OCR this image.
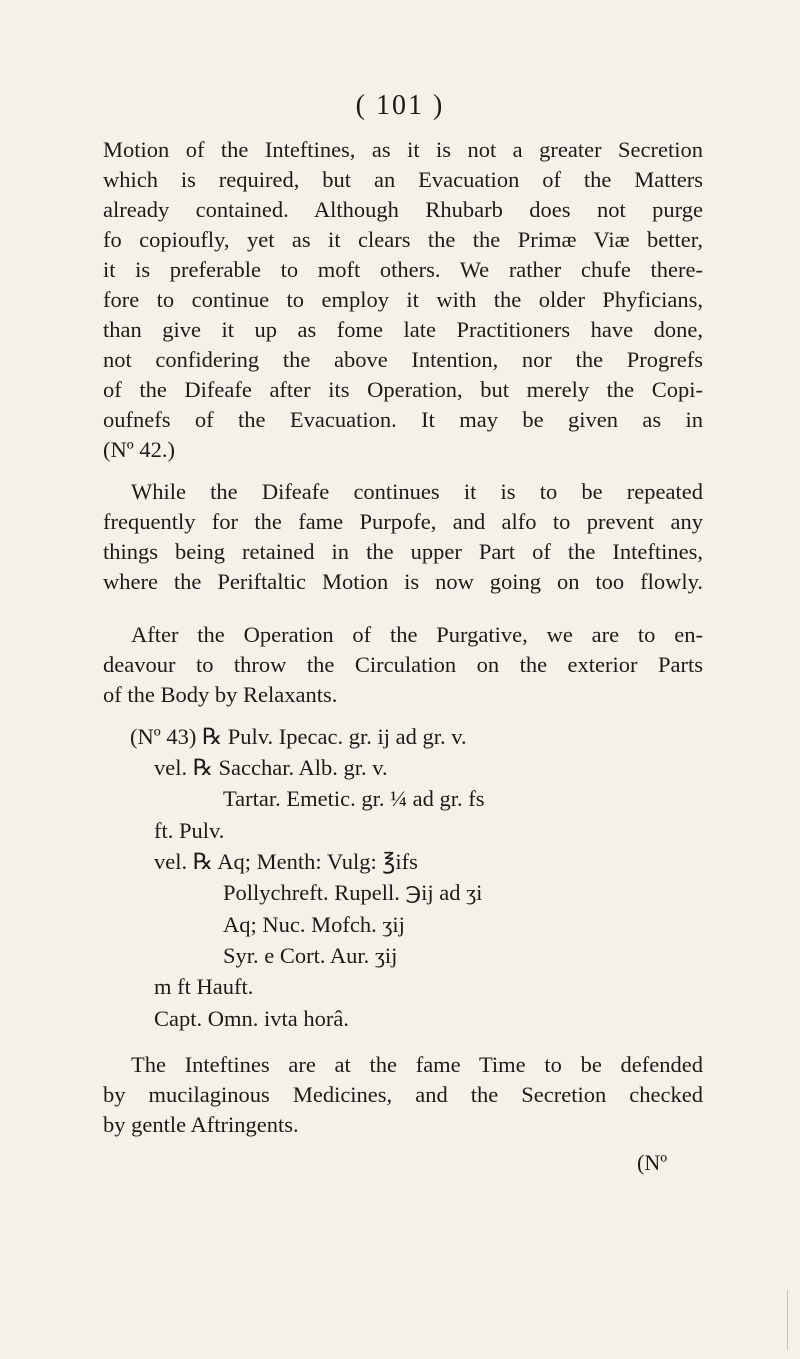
( 101 )
Motion of the Inteftines, as it is not a greater Secretion
which is required, but an Evacuation of the Matters
already contained. Although Rhubarb does not purge
fo copioufly, yet as it clears the the Primæ Viæ better,
it is preferable to moft others. We rather chufe there-
fore to continue to employ it with the older Phyficians,
than give it up as fome late Practitioners have done,
not confidering the above Intention, nor the Progrefs
of the Difeafe after its Operation, but merely the Copi-
oufnefs of the Evacuation. It may be given as in
(Nº 42.)
While the Difeafe continues it is to be repeated
frequently for the fame Purpofe, and alfo to prevent any
things being retained in the upper Part of the Inteftines,
where the Periftaltic Motion is now going on too flowly.
After the Operation of the Purgative, we are to en-
deavour to throw the Circulation on the exterior Parts
of the Body by Relaxants.
(Nº 43) ℞ Pulv. Ipecac. gr. ij ad gr. v.
vel. ℞ Sacchar. Alb. gr. v.
Tartar. Emetic. gr. ¼ ad gr. fs
ft. Pulv.
vel. ℞ Aq; Menth: Vulg: ℥ifs
Pollychreft. Rupell. ℈ij ad ʒi
Aq; Nuc. Mofch. ʒij
Syr. e Cort. Aur. ʒij
m ft Hauft.
Capt. Omn. ivta horâ.
The Inteftines are at the fame Time to be defended
by mucilaginous Medicines, and the Secretion checked
by gentle Aftringents.
(Nº
